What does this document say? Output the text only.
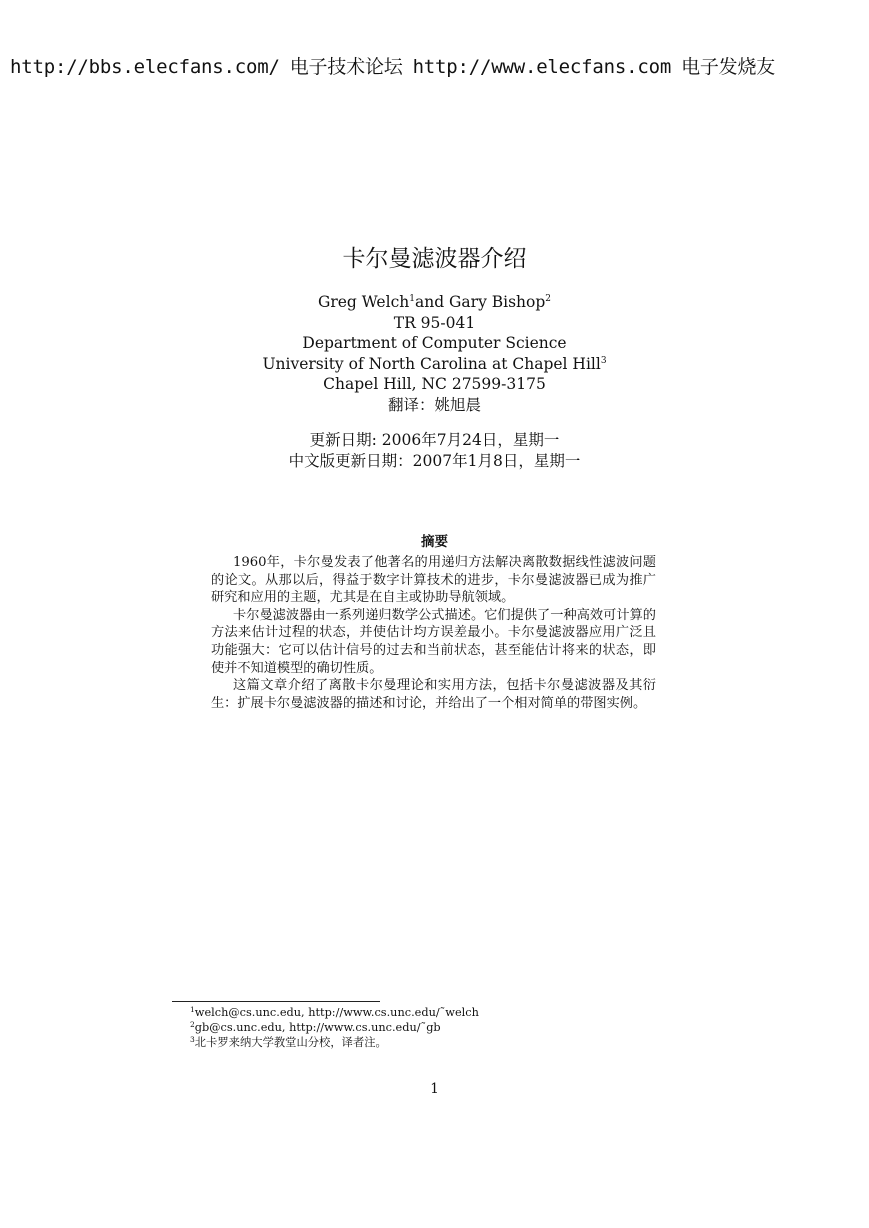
http://bbs.elecfans.com/ 电子技术论坛 http://www.elecfans.com 电子发烧友
卡尔曼滤波器介绍
Greg Welch$^1$and Gary Bishop$^2$
TR 95-041
Department of Computer Science
University of North Carolina at Chapel Hill$^3$
Chapel Hill, NC 27599-3175
翻译：姚旭晨
更新日期: 2006年7月24日，星期一
中文版更新日期：2007年1月8日，星期一
摘要

1960年，卡尔曼发表了他著名的用递归方法解决离散数据线性滤波问题的论文。从那以后，得益于数字计算技术的进步，卡尔曼滤波器已成为推广研究和应用的主题，尤其是在自主或协助导航领域。

卡尔曼滤波器由一系列递归数学公式描述。它们提供了一种高效可计算的方法来估计过程的状态，并使估计均方误差最小。卡尔曼滤波器应用广泛且功能强大：它可以估计信号的过去和当前状态，甚至能估计将来的状态，即使并不知道模型的确切性质。

这篇文章介绍了离散卡尔曼理论和实用方法，包括卡尔曼滤波器及其衍生：扩展卡尔曼滤波器的描述和讨论，并给出了一个相对简单的带图实例。

$^1$welch@cs.unc.edu, http://www.cs.unc.edu/˜welch
$^2$gb@cs.unc.edu, http://www.cs.unc.edu/˜gb
$^3$北卡罗来纳大学教堂山分校，译者注。
1
